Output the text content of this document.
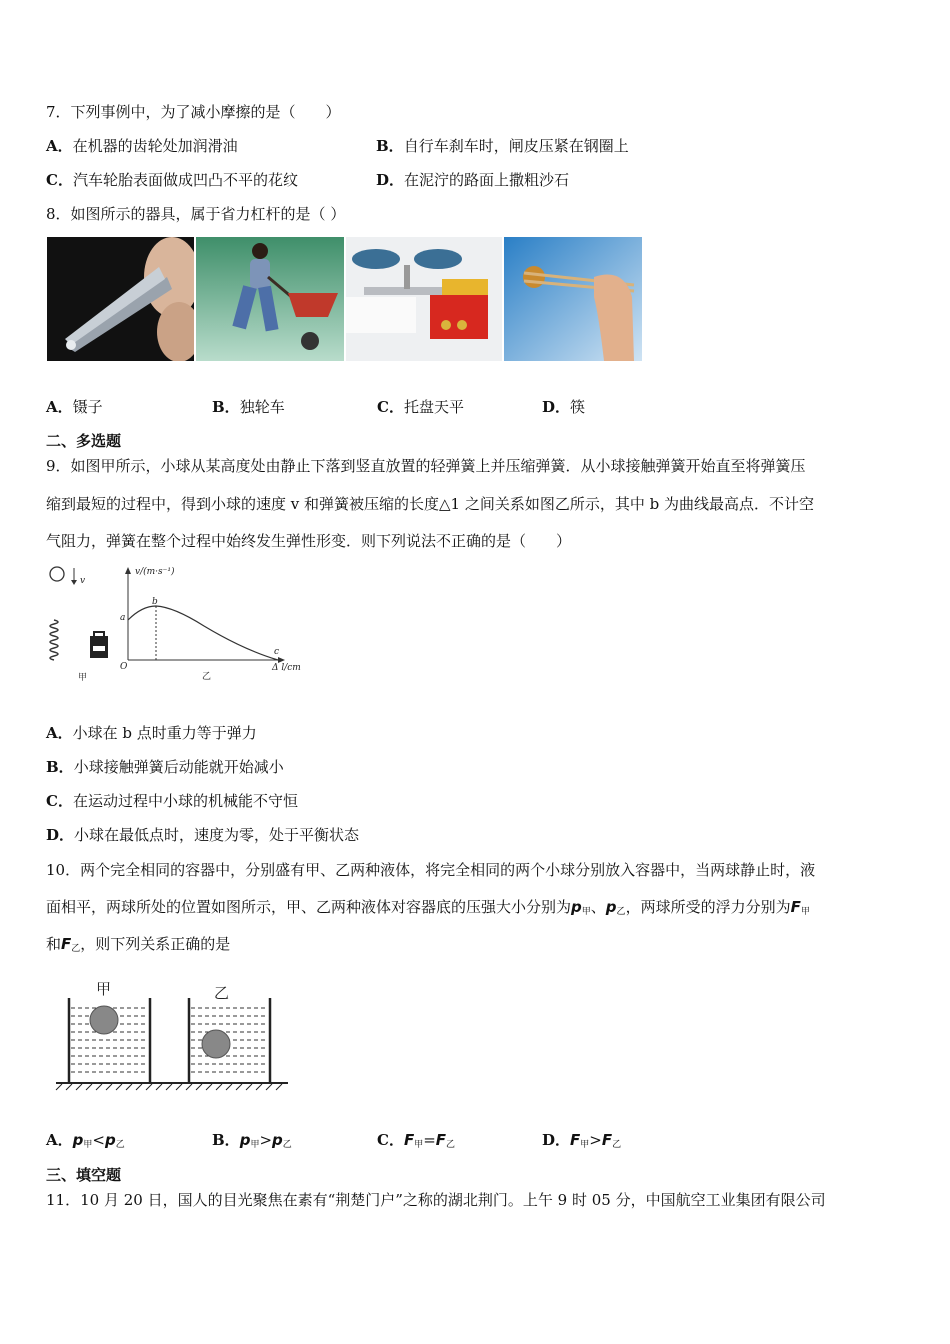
7．下列事例中，为了减小摩擦的是（　　）
A．在机器的齿轮处加润滑油	B．自行车刹车时，闸皮压紧在钢圈上
C．汽车轮胎表面做成凹凸不平的花纹	D．在泥泞的路面上撒粗沙石
8．如图所示的器具，属于省力杠杆的是（ ）
A．镊子	B．独轮车	C．托盘天平	D．筷
二、多选题
9．如图甲所示，小球从某高度处由静止下落到竖直放置的轻弹簧上并压缩弹簧．从小球接触弹簧开始直至将弹簧压
缩到最短的过程中，得到小球的速度 v 和弹簧被压缩的长度△1 之间关系如图乙所示，其中 b 为曲线最高点．不计空
气阻力，弹簧在整个过程中始终发生弹性形变．则下列说法不正确的是（　　）
v
甲
v/(m·s⁻¹)
O
a
b
c
Δ l/cm
乙
A．小球在 b 点时重力等于弹力
B．小球接触弹簧后动能就开始减小
C．在运动过程中小球的机械能不守恒
D．小球在最低点时，速度为零，处于平衡状态
10．两个完全相同的容器中，分别盛有甲、乙两种液体，将完全相同的两个小球分别放入容器中，当两球静止时，液
面相平，两球所处的位置如图所示，甲、乙两种液体对容器底的压强大小分别为$p_甲$、$p_乙$，两球所受的浮力分别为$F_甲$
和$F_乙$，则下列关系正确的是
甲	乙
A．$p_甲<p_乙$	B．$p_甲>p_乙$	C．$F_甲=F_乙$	D．$F_甲>F_乙$
三、填空题
11．10 月 20 日，国人的目光聚焦在素有“荆楚门户”之称的湖北荆门。上午 9 时 05 分，中国航空工业集团有限公司
